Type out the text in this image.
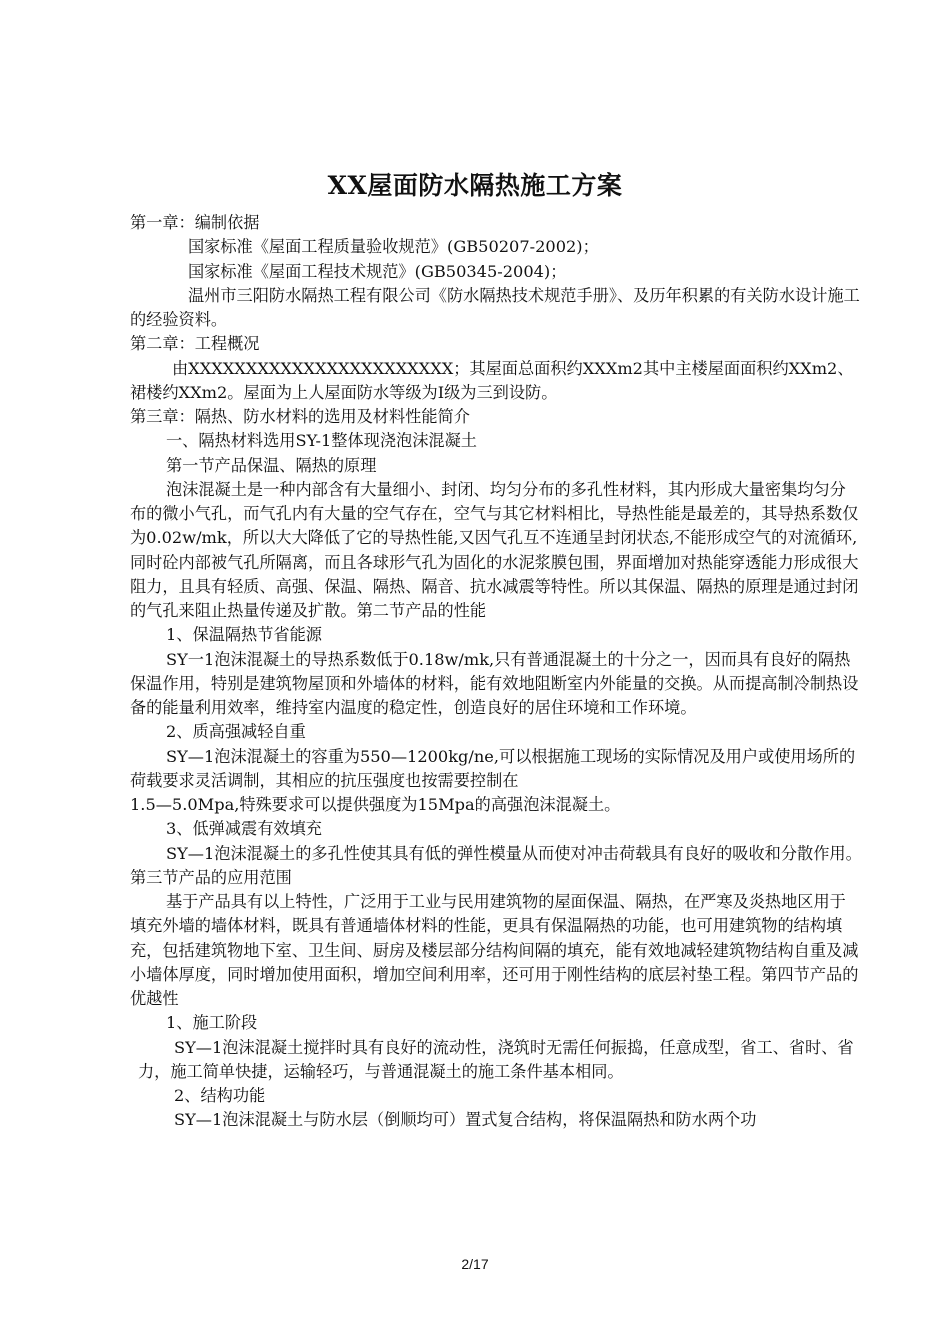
XX屋面防水隔热施工方案

第一章：编制依据

国家标准《屋面工程质量验收规范》(GB50207-2002)；

国家标准《屋面工程技术规范》(GB50345-2004)；

温州市三阳防水隔热工程有限公司《防水隔热技术规范手册》、及历年积累的有关防水设计施工的经验资料。

第二章：工程概况

由XXXXXXXXXXXXXXXXXXXXXXX；其屋面总面积约XXXm2其中主楼屋面面积约XXm2、裙楼约XXm2。屋面为上人屋面防水等级为I级为三到设防。

第三章：隔热、防水材料的选用及材料性能简介

一、隔热材料选用SY-1整体现浇泡沫混凝土

第一节产品保温、隔热的原理

泡沫混凝土是一种内部含有大量细小、封闭、均匀分布的多孔性材料，其内形成大量密集均匀分布的微小气孔，而气孔内有大量的空气存在，空气与其它材料相比，导热性能是最差的，其导热系数仅为0.02w/mk，所以大大降低了它的导热性能,又因气孔互不连通呈封闭状态,不能形成空气的对流循环,同时砼内部被气孔所隔离，而且各球形气孔为固化的水泥浆膜包围，界面增加对热能穿透能力形成很大阻力，且具有轻质、高强、保温、隔热、隔音、抗水减震等特性。所以其保温、隔热的原理是通过封闭的气孔来阻止热量传递及扩散。第二节产品的性能

1、保温隔热节省能源

SY一1泡沫混凝土的导热系数低于0.18w/mk,只有普通混凝土的十分之一，因而具有良好的隔热保温作用，特别是建筑物屋顶和外墙体的材料，能有效地阻断室内外能量的交换。从而提高制冷制热设备的能量利用效率，维持室内温度的稳定性，创造良好的居住环境和工作环境。

2、质高强减轻自重

SY—1泡沫混凝土的容重为550—1200kg/ne,可以根据施工现场的实际情况及用户或使用场所的荷载要求灵活调制，其相应的抗压强度也按需要控制在

1.5—5.0Mpa,特殊要求可以提供强度为15Mpa的高强泡沫混凝土。

3、低弹减震有效填充

SY—1泡沫混凝土的多孔性使其具有低的弹性模量从而使对冲击荷载具有良好的吸收和分散作用。第三节产品的应用范围

基于产品具有以上特性，广泛用于工业与民用建筑物的屋面保温、隔热，在严寒及炎热地区用于填充外墙的墙体材料，既具有普通墙体材料的性能，更具有保温隔热的功能，也可用建筑物的结构填充，包括建筑物地下室、卫生间、厨房及楼层部分结构间隔的填充，能有效地减轻建筑物结构自重及减小墙体厚度，同时增加使用面积，增加空间利用率，还可用于刚性结构的底层衬垫工程。第四节产品的优越性

1、施工阶段

SY—1泡沫混凝土搅拌时具有良好的流动性，浇筑时无需任何振捣，任意成型，省工、省时、省力，施工简单快捷，运输轻巧，与普通混凝土的施工条件基本相同。

2、结构功能

SY—1泡沫混凝土与防水层（倒顺均可）置式复合结构，将保温隔热和防水两个功

2/17
